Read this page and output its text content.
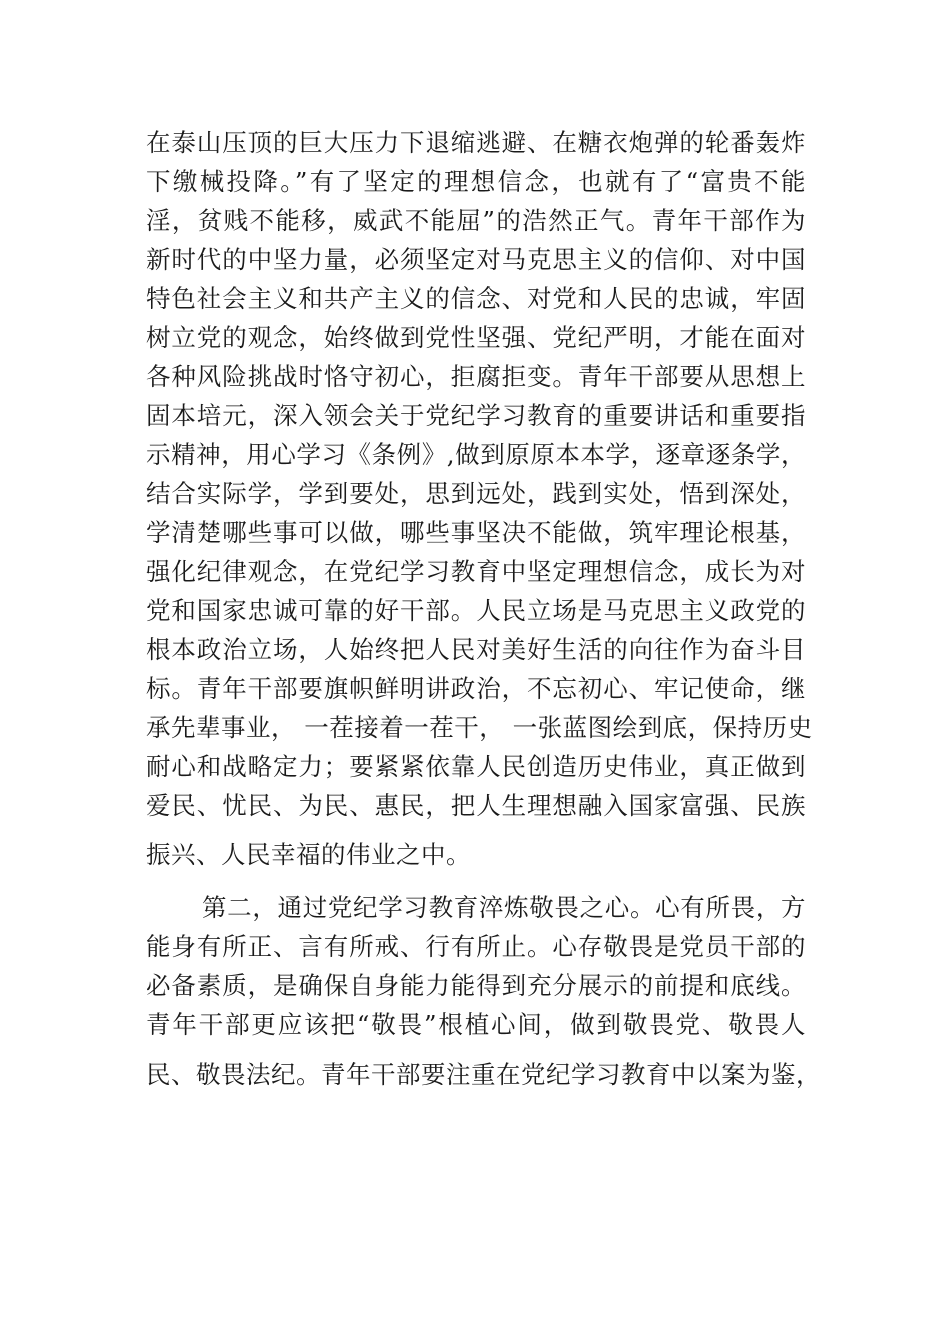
在泰山压顶的巨大压力下退缩逃避、在糖衣炮弹的轮番轰炸
下缴械投降。”有了坚定的理想信念，也就有了“富贵不能
淫，贫贱不能移，威武不能屈”的浩然正气。青年干部作为
新时代的中坚力量，必须坚定对马克思主义的信仰、对中国
特色社会主义和共产主义的信念、对党和人民的忠诚，牢固
树立党的观念，始终做到党性坚强、党纪严明，才能在面对
各种风险挑战时恪守初心，拒腐拒变。青年干部要从思想上
固本培元，深入领会关于党纪学习教育的重要讲话和重要指
示精神，用心学习《条例》,做到原原本本学，逐章逐条学，
结合实际学，学到要处，思到远处，践到实处，悟到深处，
学清楚哪些事可以做，哪些事坚决不能做，筑牢理论根基，
强化纪律观念，在党纪学习教育中坚定理想信念，成长为对
党和国家忠诚可靠的好干部。人民立场是马克思主义政党的
根本政治立场，人始终把人民对美好生活的向往作为奋斗目
标。青年干部要旗帜鲜明讲政治，不忘初心、牢记使命，继
承先辈事业， 一茬接着一茬干， 一张蓝图绘到底，保持历史
耐心和战略定力；要紧紧依靠人民创造历史伟业，真正做到
爱民、忧民、为民、惠民，把人生理想融入国家富强、民族
振兴、人民幸福的伟业之中。
第二，通过党纪学习教育淬炼敬畏之心。心有所畏，方
能身有所正、言有所戒、行有所止。心存敬畏是党员干部的
必备素质，是确保自身能力能得到充分展示的前提和底线。
青年干部更应该把“敬畏”根植心间，做到敬畏党、敬畏人
民、敬畏法纪。青年干部要注重在党纪学习教育中以案为鉴，
